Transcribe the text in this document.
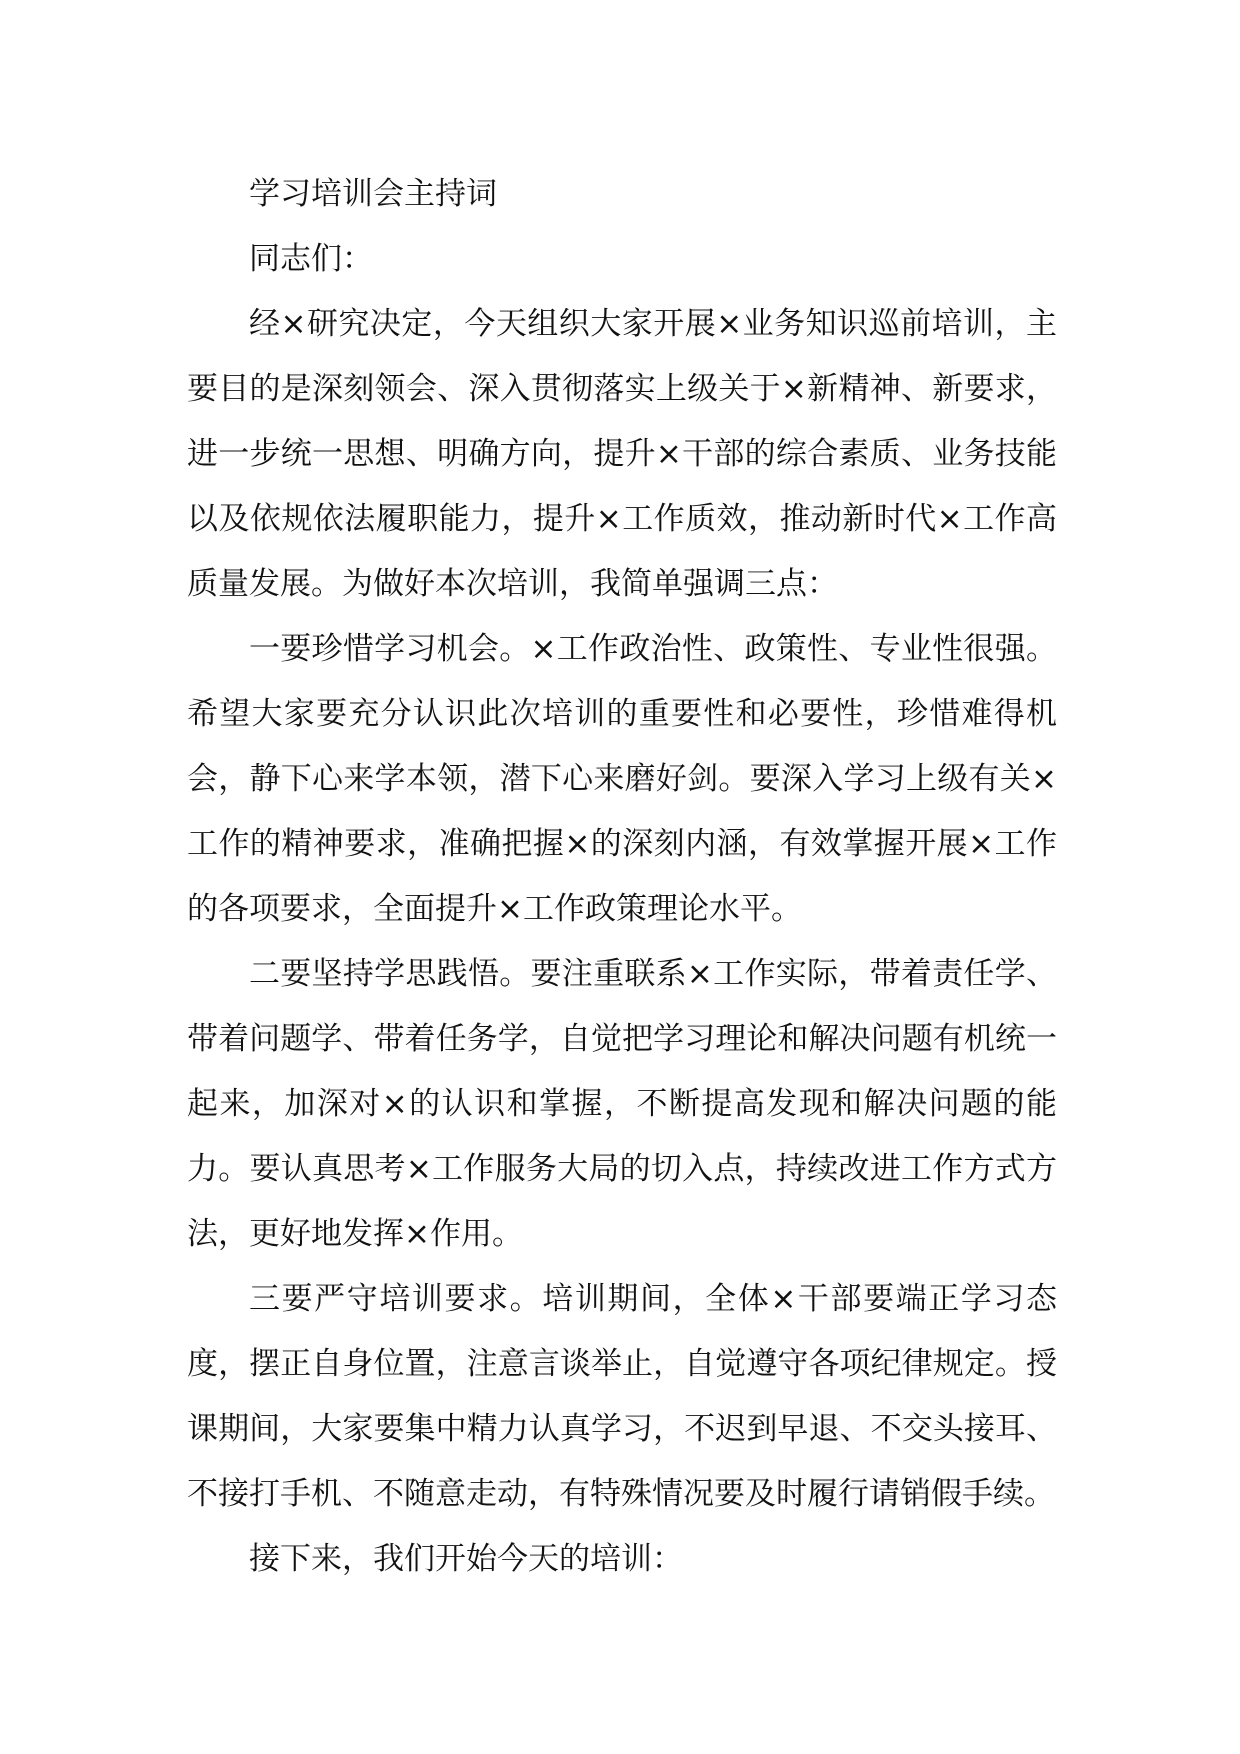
学习培训会主持词

同志们：

经×研究决定，今天组织大家开展×业务知识巡前培训，主要目的是深刻领会、深入贯彻落实上级关于×新精神、新要求，进一步统一思想、明确方向，提升×干部的综合素质、业务技能以及依规依法履职能力，提升×工作质效，推动新时代×工作高质量发展。为做好本次培训，我简单强调三点：

一要珍惜学习机会。×工作政治性、政策性、专业性很强。希望大家要充分认识此次培训的重要性和必要性，珍惜难得机会，静下心来学本领，潜下心来磨好剑。要深入学习上级有关×工作的精神要求，准确把握×的深刻内涵，有效掌握开展×工作的各项要求，全面提升×工作政策理论水平。

二要坚持学思践悟。要注重联系×工作实际，带着责任学、带着问题学、带着任务学，自觉把学习理论和解决问题有机统一起来，加深对×的认识和掌握，不断提高发现和解决问题的能力。要认真思考×工作服务大局的切入点，持续改进工作方式方法，更好地发挥×作用。

三要严守培训要求。培训期间，全体×干部要端正学习态度，摆正自身位置，注意言谈举止，自觉遵守各项纪律规定。授课期间，大家要集中精力认真学习，不迟到早退、不交头接耳、不接打手机、不随意走动，有特殊情况要及时履行请销假手续。

接下来，我们开始今天的培训：
